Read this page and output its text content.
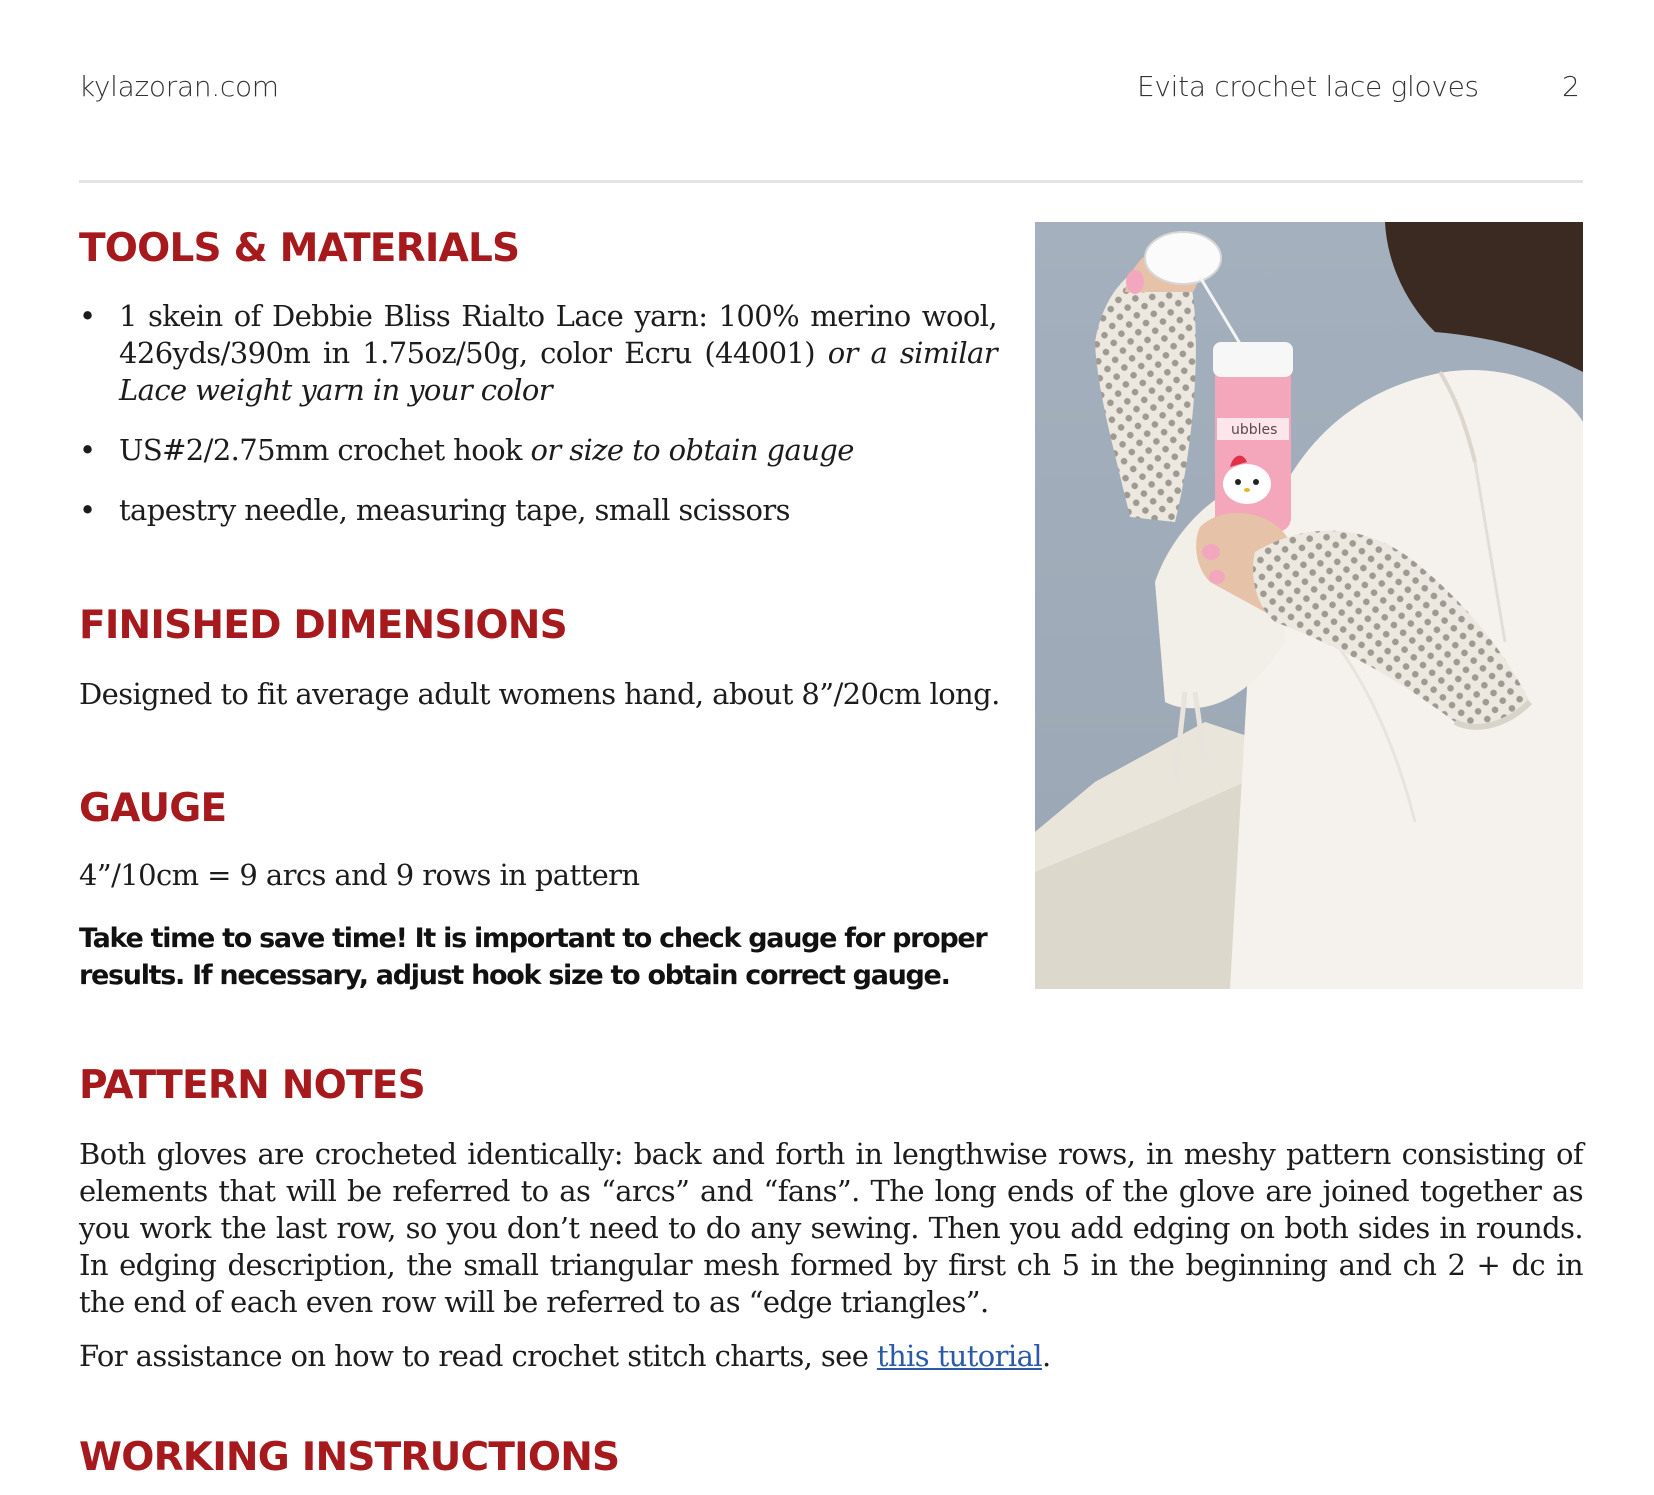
kylazoran.com	Evita crochet lace gloves	2
TOOLS & MATERIALS
• 1 skein of Debbie Bliss Rialto Lace yarn: 100% merino wool, 426yds/390m in 1.75oz/50g, color Ecru (44001) or a similar Lace weight yarn in your color
• US#2/2.75mm crochet hook or size to obtain gauge
• tapestry needle, measuring tape, small scissors
FINISHED DIMENSIONS

Designed to fit average adult womens hand, about 8”/20cm long.

GAUGE

4”/10cm = 9 arcs and 9 rows in pattern

Take time to save time! It is important to check gauge for proper results. If necessary, adjust hook size to obtain correct gauge.

PATTERN NOTES

Both gloves are crocheted identically: back and forth in lengthwise rows, in meshy pattern consisting of elements that will be referred to as “arcs” and “fans”. The long ends of the glove are joined together as you work the last row, so you don’t need to do any sewing. Then you add edging on both sides in rounds. In edging description, the small triangular mesh formed by first ch 5 in the beginning and ch 2 + dc in the end of each even row will be referred to as “edge triangles”.

For assistance on how to read crochet stitch charts, see this tutorial.

WORKING INSTRUCTIONS
ubbles
